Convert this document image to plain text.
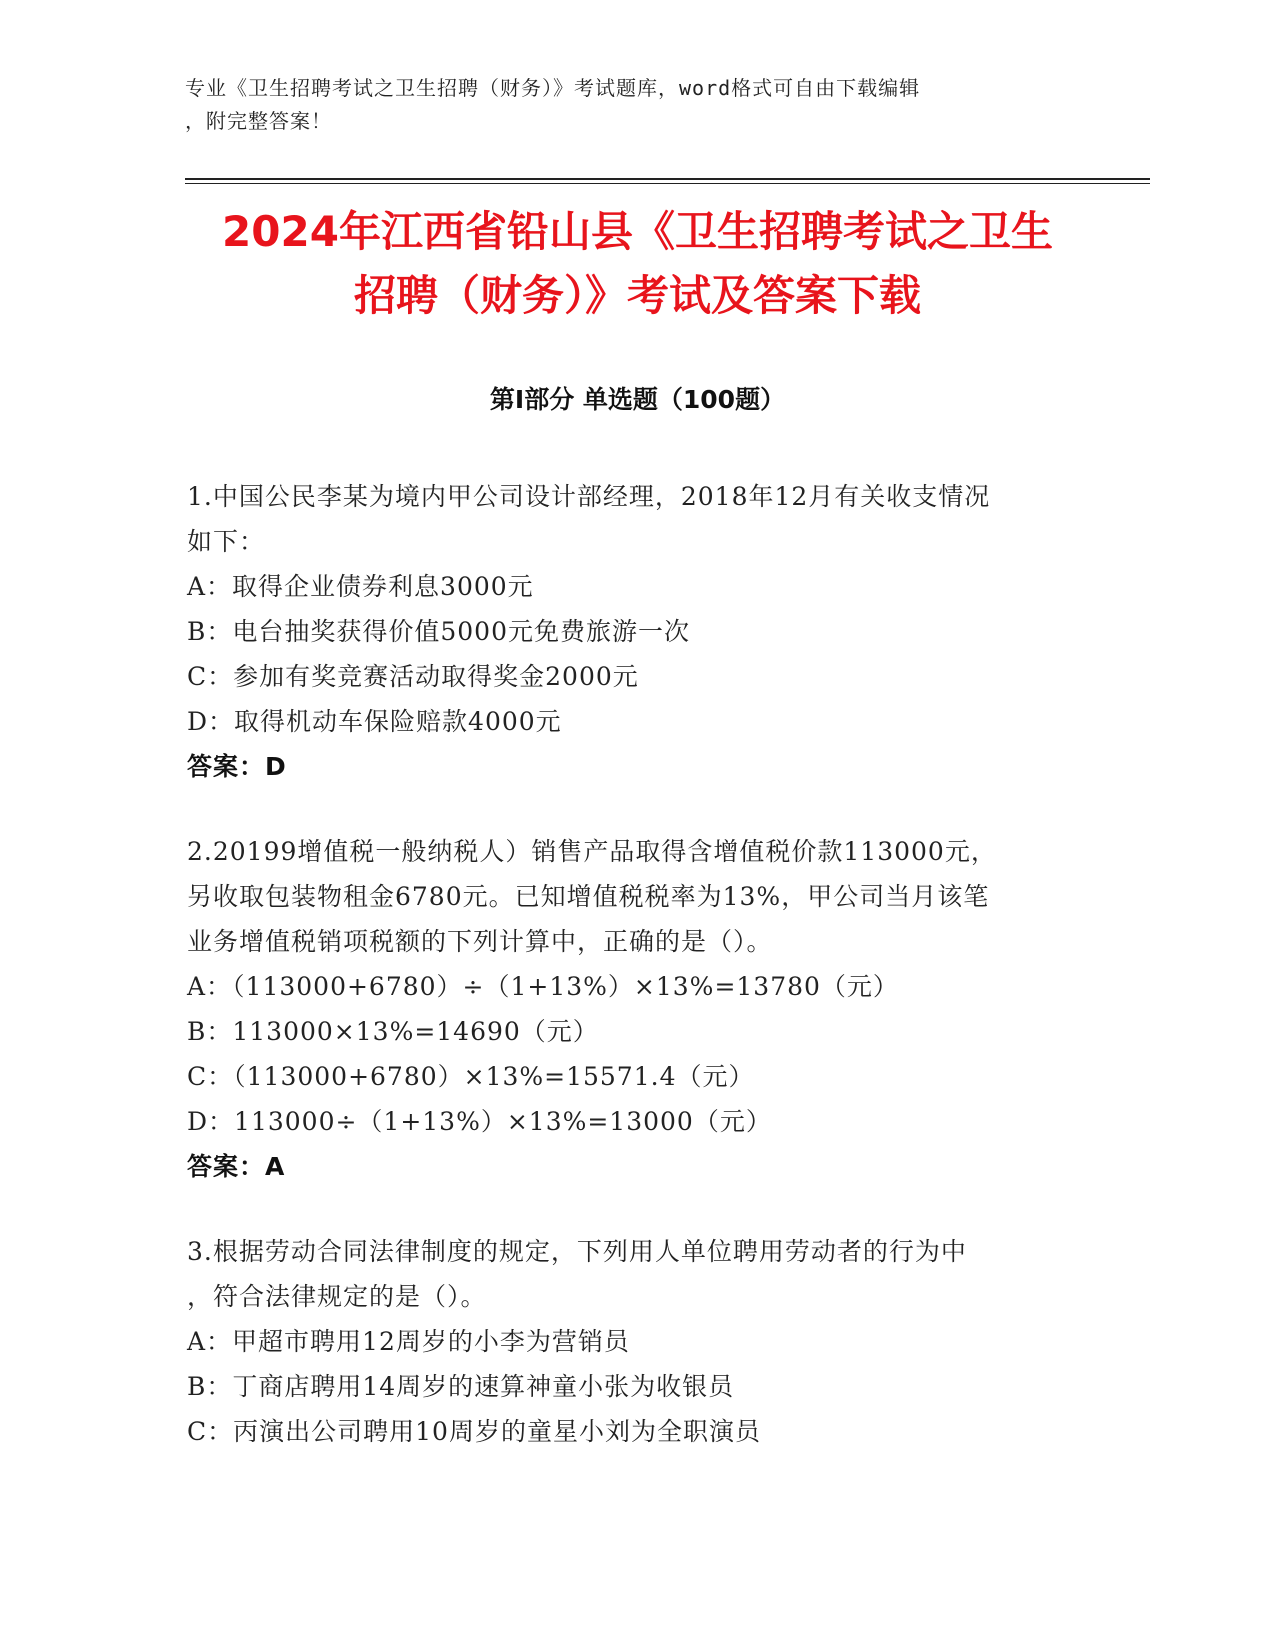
专业《卫生招聘考试之卫生招聘（财务）》考试题库，word格式可自由下载编辑
，附完整答案！
2024年江西省铅山县《卫生招聘考试之卫生
招聘（财务）》考试及答案下载
第Ⅰ部分 单选题（100题）
1.中国公民李某为境内甲公司设计部经理，2018年12月有关收支情况
如下：
A：取得企业债券利息3000元
B：电台抽奖获得价值5000元免费旅游一次
C：参加有奖竞赛活动取得奖金2000元
D：取得机动车保险赔款4000元
答案：D
2.20199增值税一般纳税人）销售产品取得含增值税价款113000元，
另收取包装物租金6780元。已知增值税税率为13%，甲公司当月该笔
业务增值税销项税额的下列计算中，正确的是（）。
A：（113000+6780）÷（1+13%）×13%=13780（元）
B：113000×13%=14690（元）
C：（113000+6780）×13%=15571.4（元）
D：113000÷（1+13%）×13%=13000（元）
答案：A
3.根据劳动合同法律制度的规定，下列用人单位聘用劳动者的行为中
，符合法律规定的是（）。
A：甲超市聘用12周岁的小李为营销员
B：丁商店聘用14周岁的速算神童小张为收银员
C：丙演出公司聘用10周岁的童星小刘为全职演员
